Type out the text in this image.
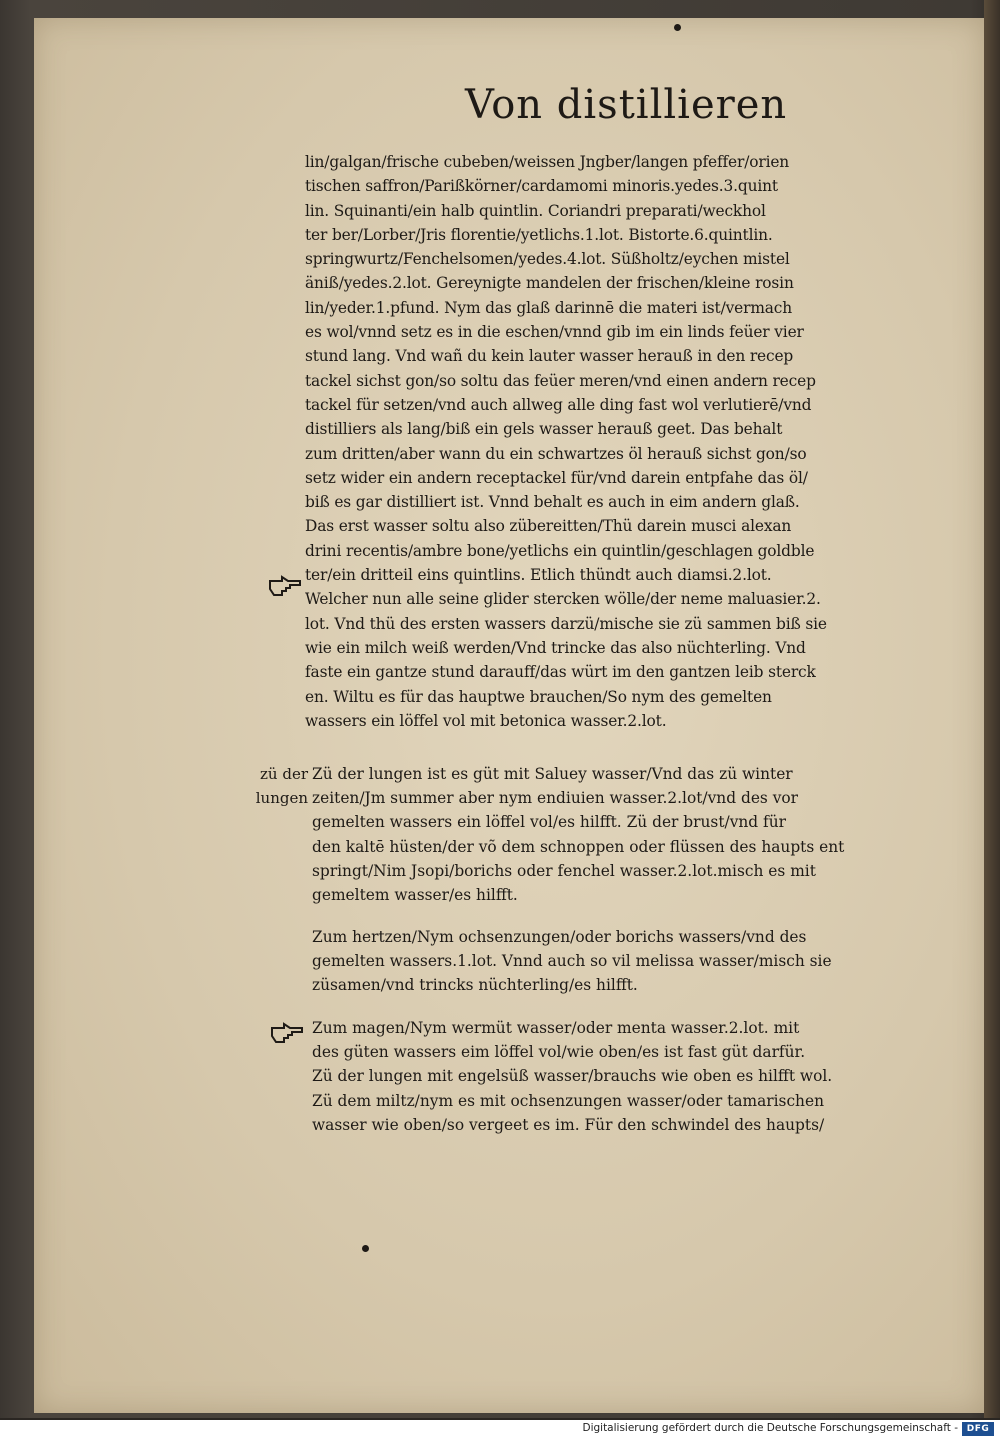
Von distillieren
lin/galgan/frische cubeben/weissen Jngber/langen pfeffer/orien
tischen saffron/Parißkörner/cardamomi minoris.yedes.3.quint
lin. Squinanti/ein halb quintlin. Coriandri preparati/weckhol
ter ber/Lorber/Jris florentie/yetlichs.1.lot. Bistorte.6.quintlin.
springwurtz/Fenchelsomen/yedes.4.lot. Süßholtz/eychen mistel
äniß/yedes.2.lot. Gereynigte mandelen der frischen/kleine rosin
lin/yeder.1.pfund. Nym das glaß darinnē die materi ist/vermach
es wol/vnnd setz es in die eschen/vnnd gib im ein linds feüer vier
stund lang. Vnd wañ du kein lauter wasser herauß in den recep
tackel sichst gon/so soltu das feüer meren/vnd einen andern recep
tackel für setzen/vnd auch allweg alle ding fast wol verlutierē/vnd
distilliers als lang/biß ein gels wasser herauß geet. Das behalt
zum dritten/aber wann du ein schwartzes öl herauß sichst gon/so
setz wider ein andern receptackel für/vnd darein entpfahe das öl/
biß es gar distilliert ist. Vnnd behalt es auch in eim andern glaß.
Das erst wasser soltu also zübereitten/Thü darein musci alexan
drini recentis/ambre bone/yetlichs ein quintlin/geschlagen goldble
ter/ein dritteil eins quintlins. Etlich thündt auch diamsi.2.lot.
Welcher nun alle seine glider stercken wölle/der neme maluasier.2.
lot. Vnd thü des ersten wassers darzü/mische sie zü sammen biß sie
wie ein milch weiß werden/Vnd trincke das also nüchterling. Vnd
faste ein gantze stund darauff/das würt im den gantzen leib sterck
en. Wiltu es für das hauptwe brauchen/So nym des gemelten
wassers ein löffel vol mit betonica wasser.2.lot.
zü der
lungen
Zü der lungen ist es güt mit Saluey wasser/Vnd das zü winter
zeiten/Jm summer aber nym endiuien wasser.2.lot/vnd des vor
gemelten wassers ein löffel vol/es hilfft. Zü der brust/vnd für
den kaltē hüsten/der võ dem schnoppen oder flüssen des haupts ent
springt/Nim Jsopi/borichs oder fenchel wasser.2.lot.misch es mit
gemeltem wasser/es hilfft.
Zum hertzen/Nym ochsenzungen/oder borichs wassers/vnd des
gemelten wassers.1.lot. Vnnd auch so vil melissa wasser/misch sie
züsamen/vnd trincks nüchterling/es hilfft.
Zum magen/Nym wermüt wasser/oder menta wasser.2.lot. mit
des güten wassers eim löffel vol/wie oben/es ist fast güt darfür.
Zü der lungen mit engelsüß wasser/brauchs wie oben es hilfft wol.
Zü dem miltz/nym es mit ochsenzungen wasser/oder tamarischen
wasser wie oben/so vergeet es im. Für den schwindel des haupts/
Digitalisierung gefördert durch die Deutsche Forschungsgemeinschaft - DFG
